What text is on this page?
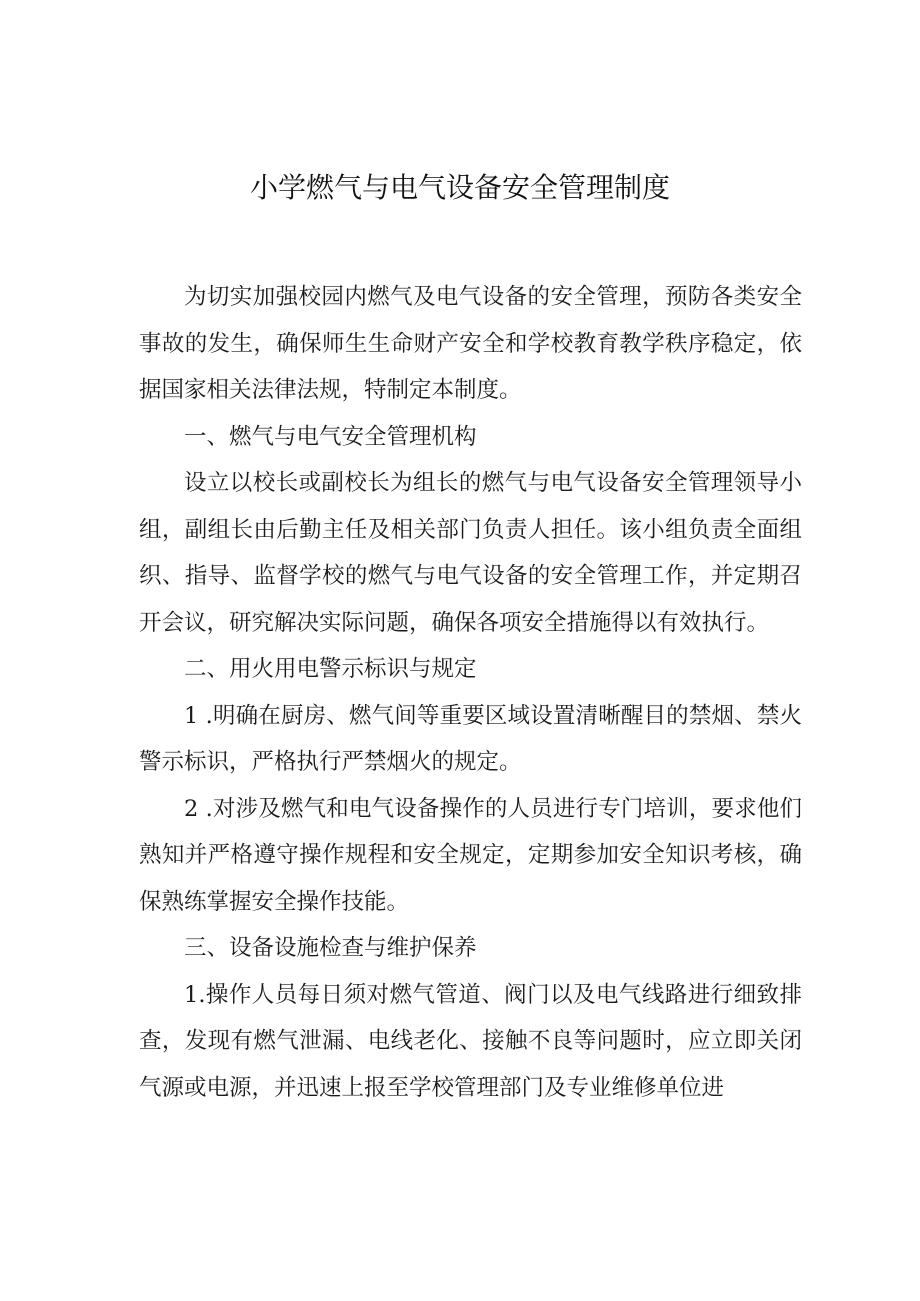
小学燃气与电气设备安全管理制度

为切实加强校园内燃气及电气设备的安全管理，预防各类安全事故的发生，确保师生生命财产安全和学校教育教学秩序稳定，依据国家相关法律法规，特制定本制度。

一、燃气与电气安全管理机构

设立以校长或副校长为组长的燃气与电气设备安全管理领导小组，副组长由后勤主任及相关部门负责人担任。该小组负责全面组织、指导、监督学校的燃气与电气设备的安全管理工作，并定期召开会议，研究解决实际问题，确保各项安全措施得以有效执行。

二、用火用电警示标识与规定

1 .明确在厨房、燃气间等重要区域设置清晰醒目的禁烟、禁火警示标识，严格执行严禁烟火的规定。

2 .对涉及燃气和电气设备操作的人员进行专门培训，要求他们熟知并严格遵守操作规程和安全规定，定期参加安全知识考核，确保熟练掌握安全操作技能。

三、设备设施检查与维护保养

1.操作人员每日须对燃气管道、阀门以及电气线路进行细致排查，发现有燃气泄漏、电线老化、接触不良等问题时，应立即关闭气源或电源，并迅速上报至学校管理部门及专业维修单位进
